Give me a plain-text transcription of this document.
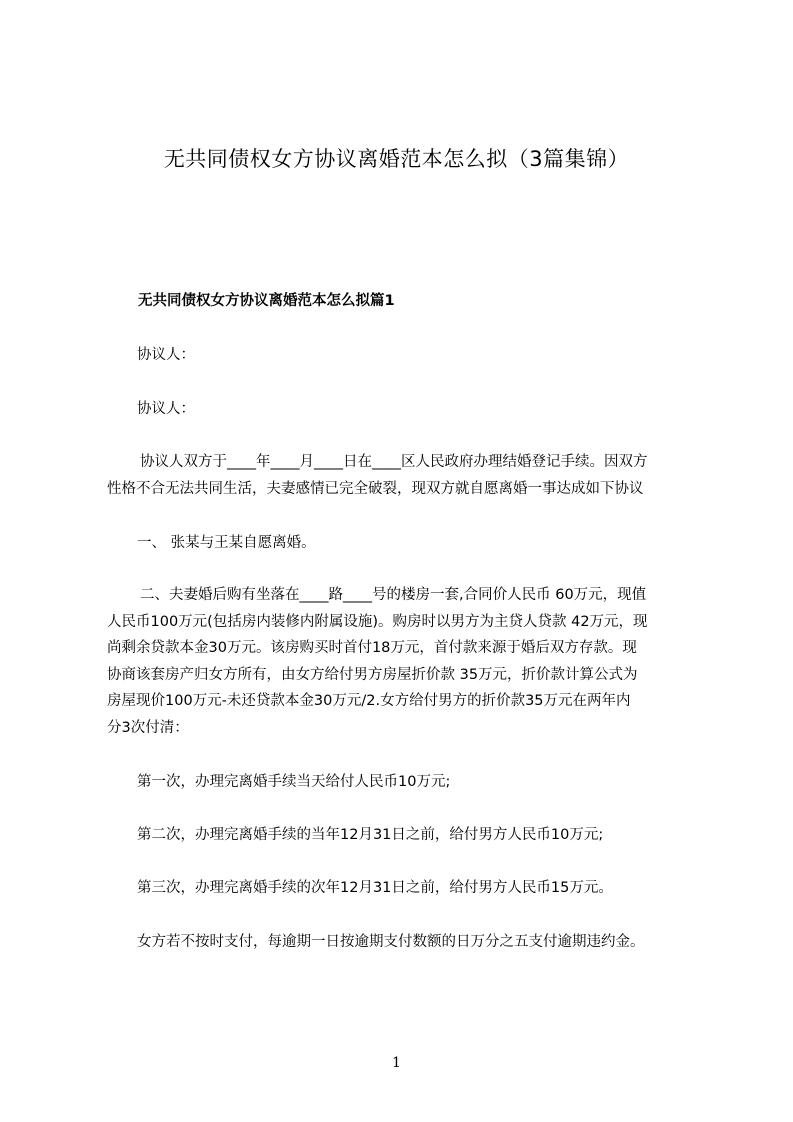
无共同债权女方协议离婚范本怎么拟（3篇集锦）
无共同债权女方协议离婚范本怎么拟篇1
协议人：
协议人：
协议人双方于____年____月____日在____区人民政府办理结婚登记手续。因双方
性格不合无法共同生活，夫妻感情已完全破裂，现双方就自愿离婚一事达成如下协议
一、 张某与王某自愿离婚。
二、夫妻婚后购有坐落在____路____号的楼房一套,合同价人民币 60万元，现值
人民币100万元(包括房内装修内附属设施)。购房时以男方为主贷人贷款 42万元，现
尚剩余贷款本金30万元。该房购买时首付18万元，首付款来源于婚后双方存款。现
协商该套房产归女方所有，由女方给付男方房屋折价款 35万元，折价款计算公式为
房屋现价100万元-未还贷款本金30万元/2.女方给付男方的折价款35万元在两年内
分3次付清：
第一次，办理完离婚手续当天给付人民币10万元;
第二次，办理完离婚手续的当年12月31日之前，给付男方人民币10万元;
第三次，办理完离婚手续的次年12月31日之前，给付男方人民币15万元。
女方若不按时支付，每逾期一日按逾期支付数额的日万分之五支付逾期违约金。
1
